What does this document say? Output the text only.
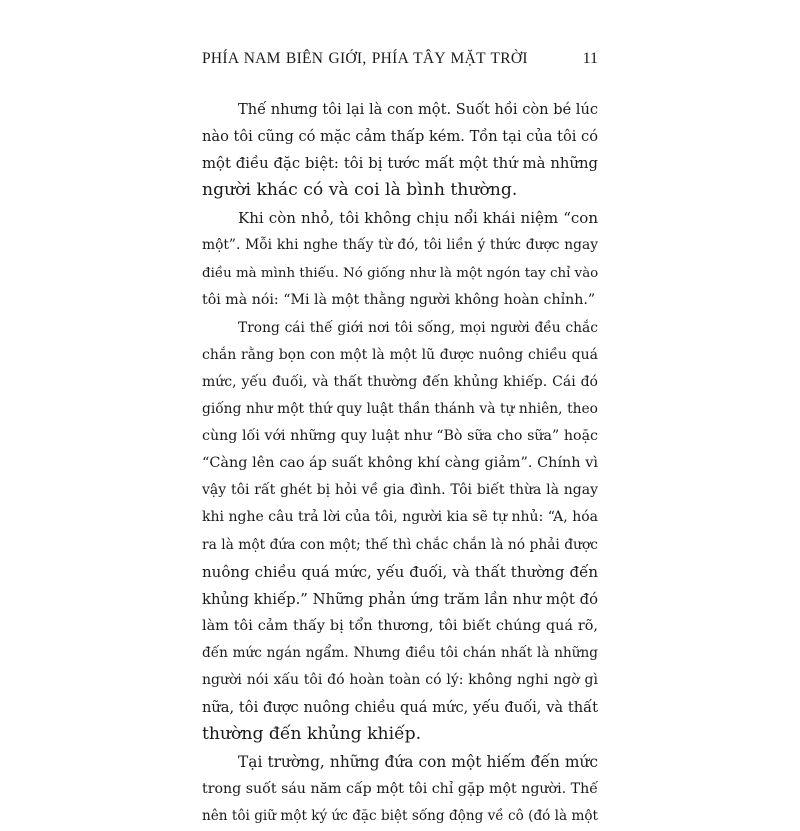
PHÍA NAM BIÊN GIỚI, PHÍA TÂY MẶT TRỜI	11
Thế nhưng tôi lại là con một. Suốt hồi còn bé lúc
nào tôi cũng có mặc cảm thấp kém. Tồn tại của tôi có
một điều đặc biệt: tôi bị tước mất một thứ mà những
người khác có và coi là bình thường.
Khi còn nhỏ, tôi không chịu nổi khái niệm “con
một”. Mỗi khi nghe thấy từ đó, tôi liền ý thức được ngay
điều mà mình thiếu. Nó giống như là một ngón tay chỉ vào
tôi mà nói: “Mi là một thằng người không hoàn chỉnh.”
Trong cái thế giới nơi tôi sống, mọi người đều chắc
chắn rằng bọn con một là một lũ được nuông chiều quá
mức, yếu đuối, và thất thường đến khủng khiếp. Cái đó
giống như một thứ quy luật thần thánh và tự nhiên, theo
cùng lối với những quy luật như “Bò sữa cho sữa” hoặc
“Càng lên cao áp suất không khí càng giảm”. Chính vì
vậy tôi rất ghét bị hỏi về gia đình. Tôi biết thừa là ngay
khi nghe câu trả lời của tôi, người kia sẽ tự nhủ: “A, hóa
ra là một đứa con một; thế thì chắc chắn là nó phải được
nuông chiều quá mức, yếu đuối, và thất thường đến
khủng khiếp.” Những phản ứng trăm lần như một đó
làm tôi cảm thấy bị tổn thương, tôi biết chúng quá rõ,
đến mức ngán ngẩm. Nhưng điều tôi chán nhất là những
người nói xấu tôi đó hoàn toàn có lý: không nghi ngờ gì
nữa, tôi được nuông chiều quá mức, yếu đuối, và thất
thường đến khủng khiếp.
Tại trường, những đứa con một hiếm đến mức
trong suốt sáu năm cấp một tôi chỉ gặp một người. Thế
nên tôi giữ một ký ức đặc biệt sống động về cô (đó là một
